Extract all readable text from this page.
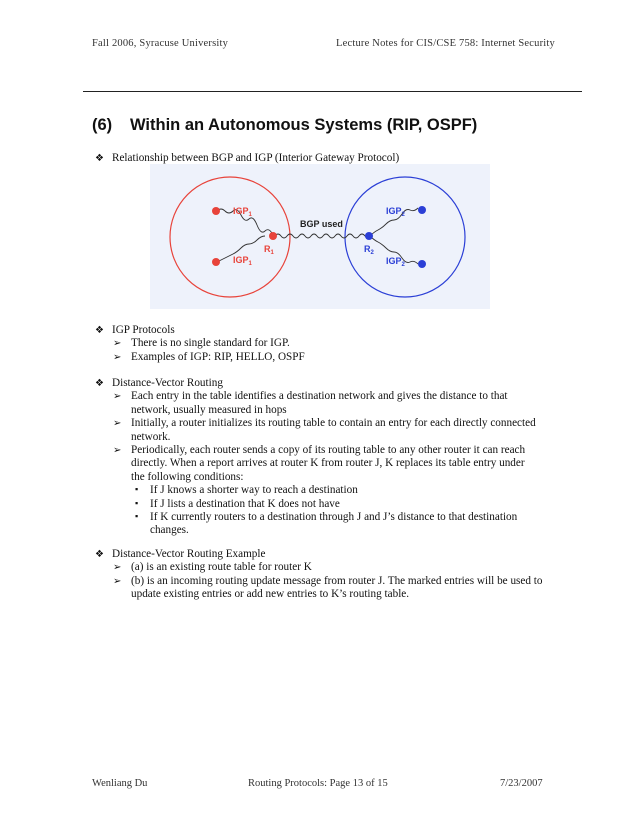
Fall 2006, Syracuse University	Lecture Notes for CIS/CSE 758: Internet Security
(6) Within an Autonomous Systems (RIP, OSPF)
❖ Relationship between BGP and IGP (Interior Gateway Protocol)
$IGP_1$
$IGP_1$
$R_1$
BGP used
$R_2$
$IGP_2$
$IGP_2$
❖ IGP Protocols
➢ There is no single standard for IGP.
➢ Examples of IGP: RIP, HELLO, OSPF
❖ Distance-Vector Routing
➢ Each entry in the table identifies a destination network and gives the distance to that
network, usually measured in hops
➢ Initially, a router initializes its routing table to contain an entry for each directly connected
network.
➢ Periodically, each router sends a copy of its routing table to any other router it can reach
directly. When a report arrives at router K from router J, K replaces its table entry under
the following conditions:
▪ If J knows a shorter way to reach a destination
▪ If J lists a destination that K does not have
▪ If K currently routers to a destination through J and J’s distance to that destination
changes.
❖ Distance-Vector Routing Example
➢ (a) is an existing route table for router K
➢ (b) is an incoming routing update message from router J. The marked entries will be used to
update existing entries or add new entries to K’s routing table.
Wenliang Du	Routing Protocols: Page 13 of 15	7/23/2007
